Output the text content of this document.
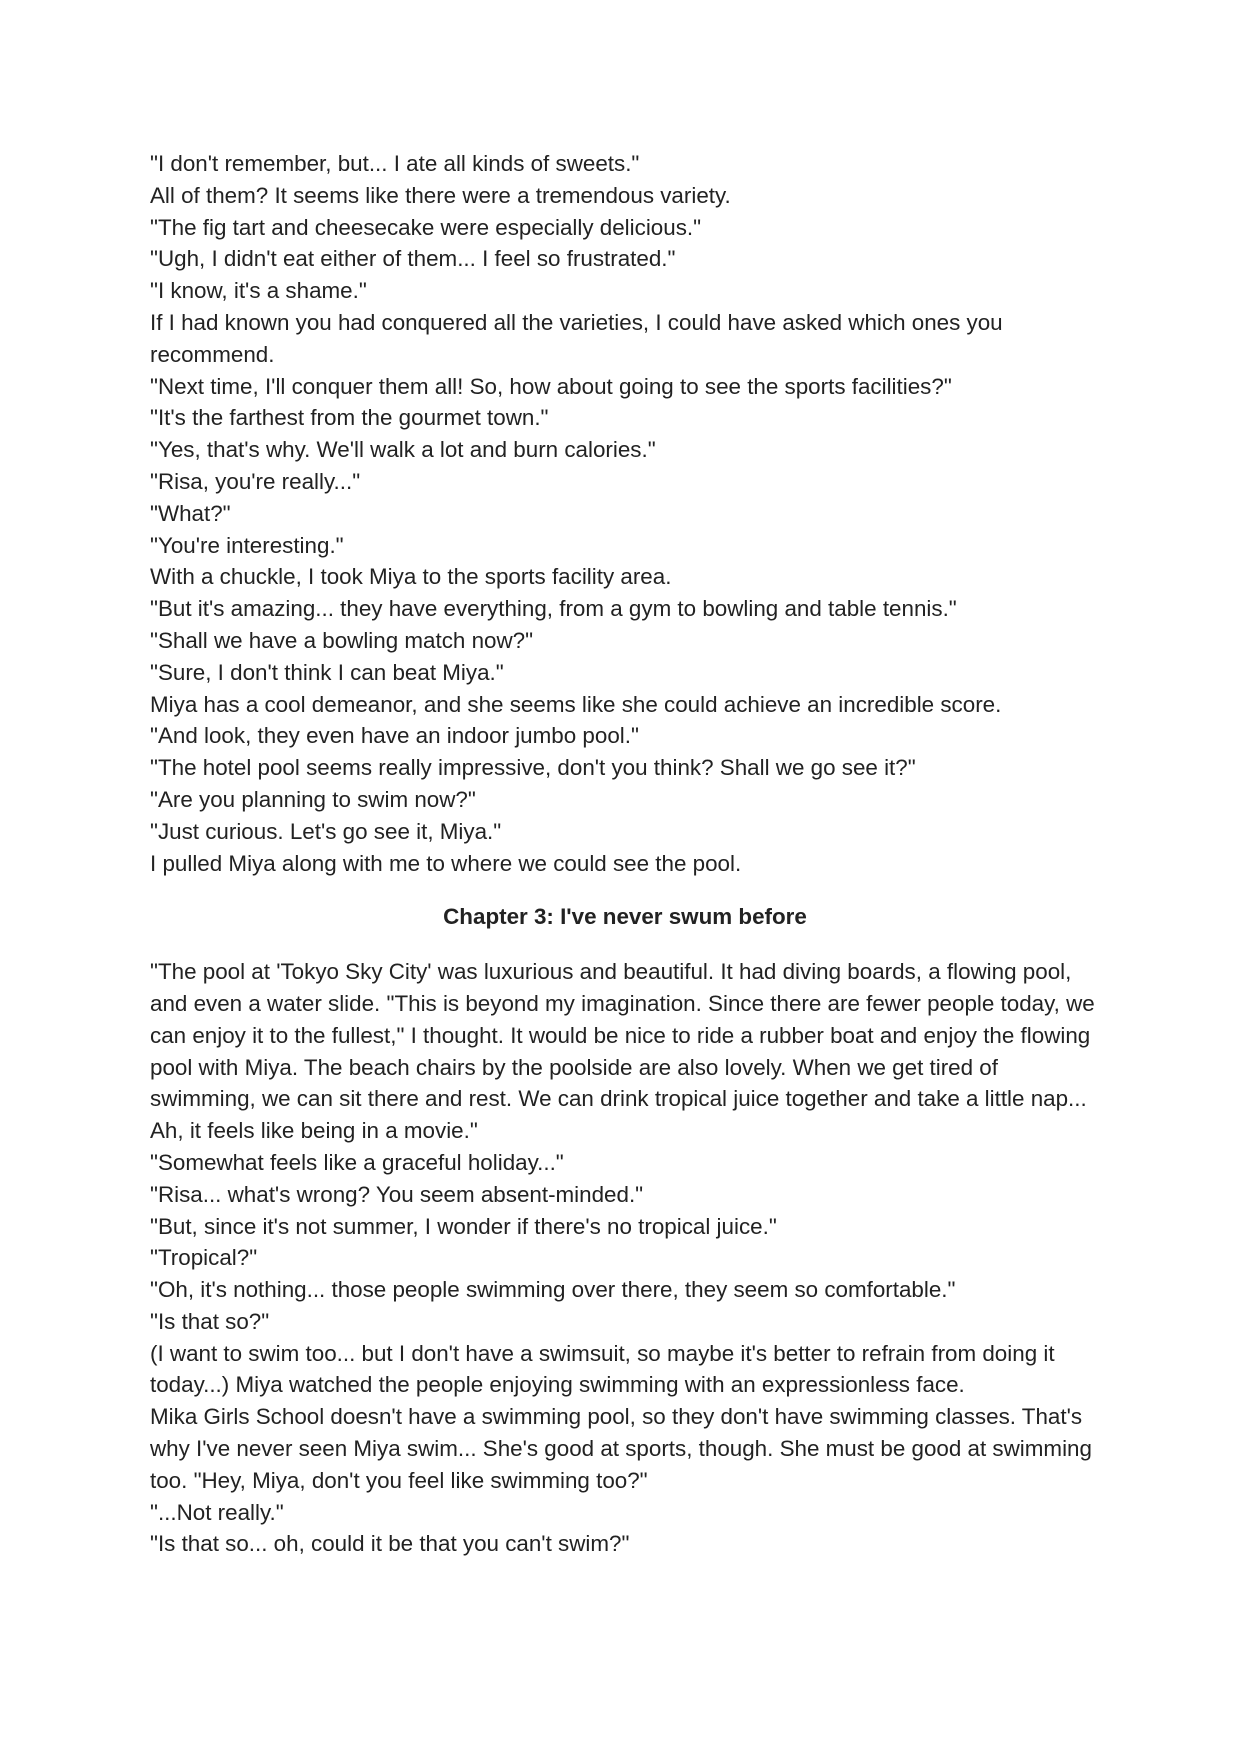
"I don't remember, but... I ate all kinds of sweets."

All of them? It seems like there were a tremendous variety.

"The fig tart and cheesecake were especially delicious."

"Ugh, I didn't eat either of them... I feel so frustrated."

"I know, it's a shame."

If I had known you had conquered all the varieties, I could have asked which ones you recommend.

"Next time, I'll conquer them all! So, how about going to see the sports facilities?"

"It's the farthest from the gourmet town."

"Yes, that's why. We'll walk a lot and burn calories."

"Risa, you're really..."

"What?"

"You're interesting."

With a chuckle, I took Miya to the sports facility area.

"But it's amazing... they have everything, from a gym to bowling and table tennis."

"Shall we have a bowling match now?"

"Sure, I don't think I can beat Miya."

Miya has a cool demeanor, and she seems like she could achieve an incredible score.

"And look, they even have an indoor jumbo pool."

"The hotel pool seems really impressive, don't you think? Shall we go see it?"

"Are you planning to swim now?"

"Just curious. Let's go see it, Miya."

I pulled Miya along with me to where we could see the pool.

Chapter 3: I've never swum before

"The pool at 'Tokyo Sky City' was luxurious and beautiful. It had diving boards, a flowing pool, and even a water slide. "This is beyond my imagination. Since there are fewer people today, we can enjoy it to the fullest," I thought. It would be nice to ride a rubber boat and enjoy the flowing pool with Miya. The beach chairs by the poolside are also lovely. When we get tired of swimming, we can sit there and rest. We can drink tropical juice together and take a little nap... Ah, it feels like being in a movie."

"Somewhat feels like a graceful holiday..."

"Risa... what's wrong? You seem absent-minded."

"But, since it's not summer, I wonder if there's no tropical juice."

"Tropical?"

"Oh, it's nothing... those people swimming over there, they seem so comfortable."

"Is that so?"

(I want to swim too... but I don't have a swimsuit, so maybe it's better to refrain from doing it today...) Miya watched the people enjoying swimming with an expressionless face.

Mika Girls School doesn't have a swimming pool, so they don't have swimming classes. That's why I've never seen Miya swim... She's good at sports, though. She must be good at swimming too. "Hey, Miya, don't you feel like swimming too?"

"...Not really."

"Is that so... oh, could it be that you can't swim?"
